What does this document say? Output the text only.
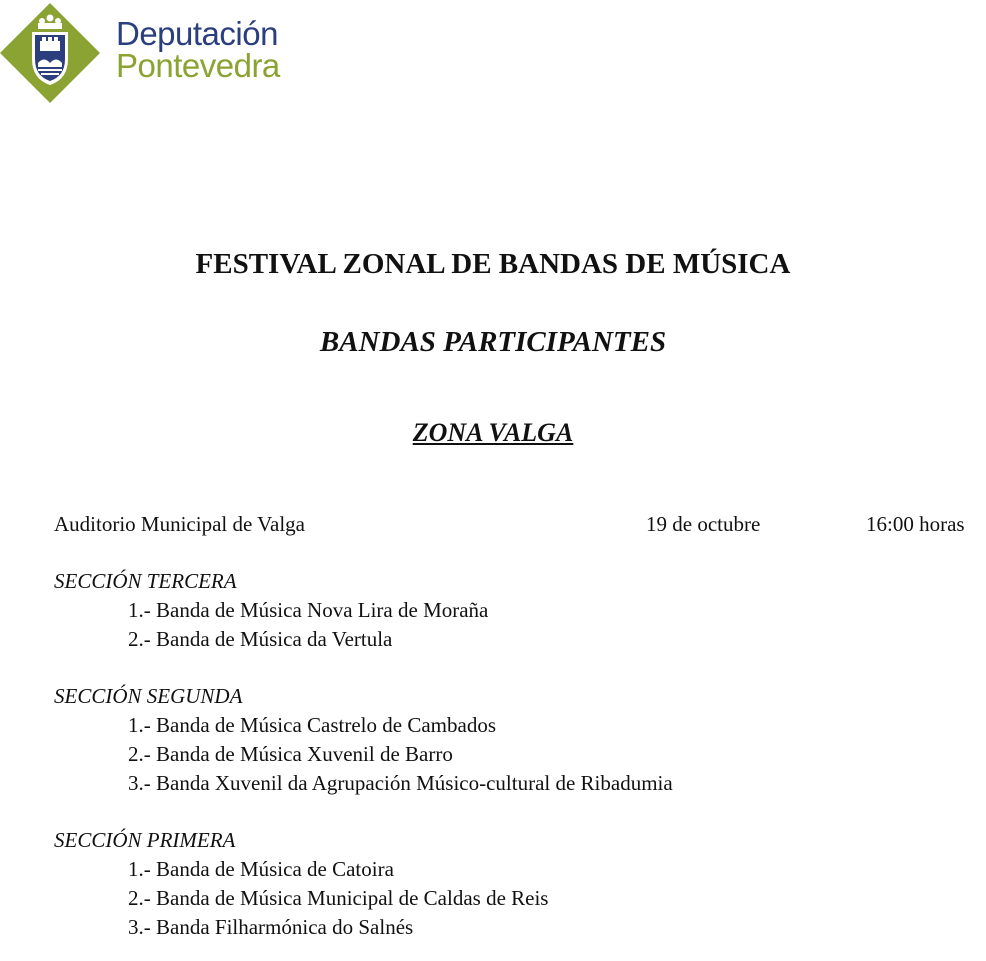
Deputación
Pontevedra
FESTIVAL ZONAL DE BANDAS DE MÚSICA
BANDAS PARTICIPANTES
ZONA VALGA
Auditorio Municipal de Valga	19 de octubre	16:00 horas
SECCIÓN TERCERA
1.- Banda de Música Nova Lira de Moraña
2.- Banda de Música da Vertula
SECCIÓN SEGUNDA
1.- Banda de Música Castrelo de Cambados
2.- Banda de Música Xuvenil de Barro
3.- Banda Xuvenil da Agrupación Músico-cultural de Ribadumia
SECCIÓN PRIMERA
1.- Banda de Música de Catoira
2.- Banda de Música Municipal de Caldas de Reis
3.- Banda Filharmónica do Salnés
